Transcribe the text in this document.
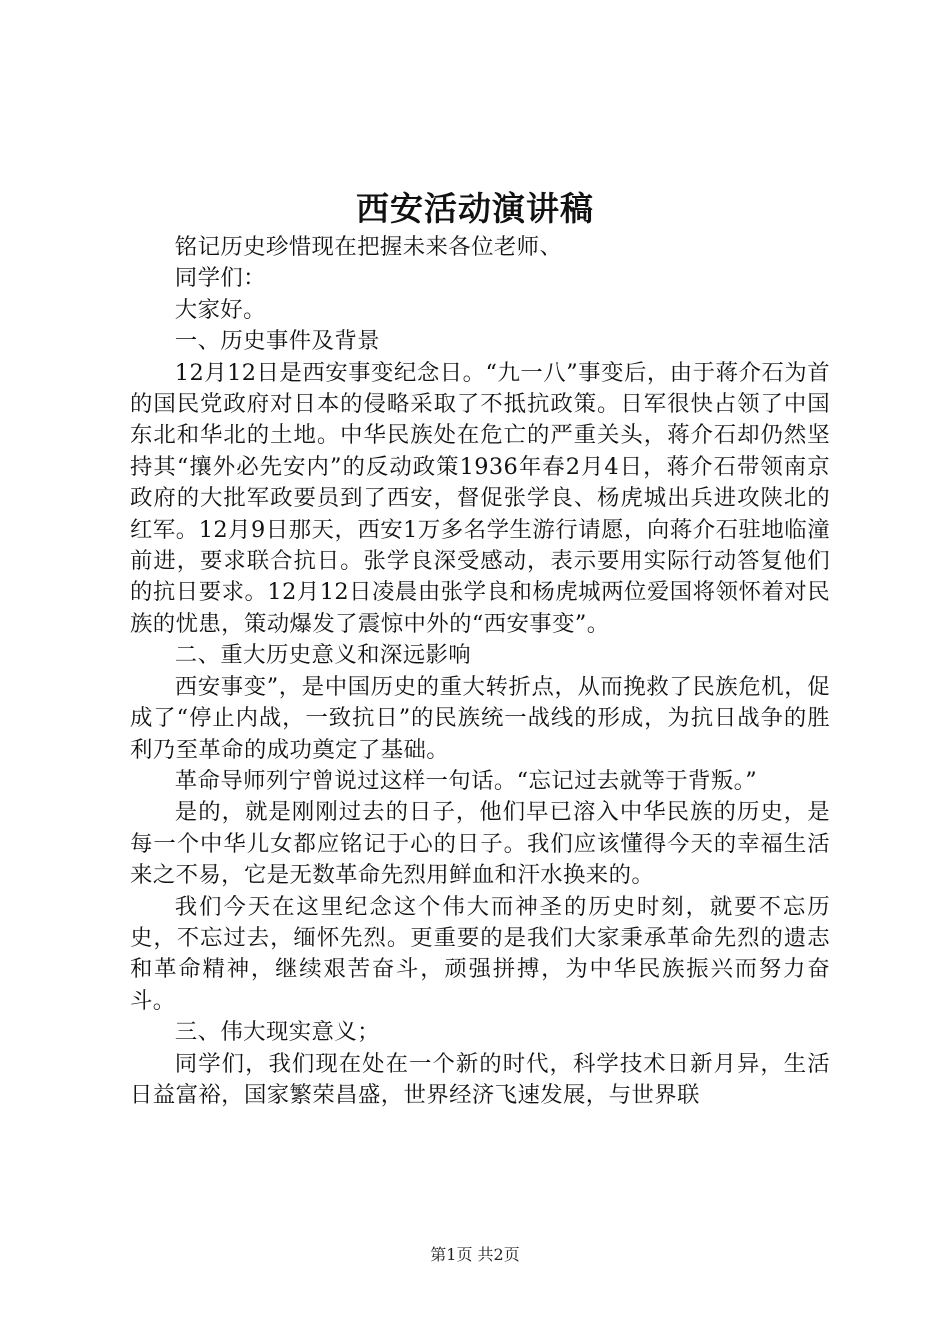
西安活动演讲稿

铭记历史珍惜现在把握未来各位老师、

同学们：

大家好。

一、历史事件及背景

12月12日是西安事变纪念日。“九一八”事变后，由于蒋介石为首的国民党政府对日本的侵略采取了不抵抗政策。日军很快占领了中国东北和华北的土地。中华民族处在危亡的严重关头，蒋介石却仍然坚持其“攘外必先安内”的反动政策1936年春2月4日，蒋介石带领南京政府的大批军政要员到了西安，督促张学良、杨虎城出兵进攻陕北的红军。12月9日那天，西安1万多名学生游行请愿，向蒋介石驻地临潼前进，要求联合抗日。张学良深受感动，表示要用实际行动答复他们的抗日要求。12月12日凌晨由张学良和杨虎城两位爱国将领怀着对民族的忧患，策动爆发了震惊中外的“西安事变”。

二、重大历史意义和深远影响

西安事变”，是中国历史的重大转折点，从而挽救了民族危机，促成了“停止内战，一致抗日”的民族统一战线的形成，为抗日战争的胜利乃至革命的成功奠定了基础。

革命导师列宁曾说过这样一句话。“忘记过去就等于背叛。”

是的，就是刚刚过去的日子，他们早已溶入中华民族的历史，是每一个中华儿女都应铭记于心的日子。我们应该懂得今天的幸福生活来之不易，它是无数革命先烈用鲜血和汗水换来的。

我们今天在这里纪念这个伟大而神圣的历史时刻，就要不忘历史，不忘过去，缅怀先烈。更重要的是我们大家秉承革命先烈的遗志和革命精神，继续艰苦奋斗，顽强拼搏，为中华民族振兴而努力奋斗。

三、伟大现实意义；

同学们，我们现在处在一个新的时代，科学技术日新月异，生活日益富裕，国家繁荣昌盛，世界经济飞速发展，与世界联

第1页 共2页
